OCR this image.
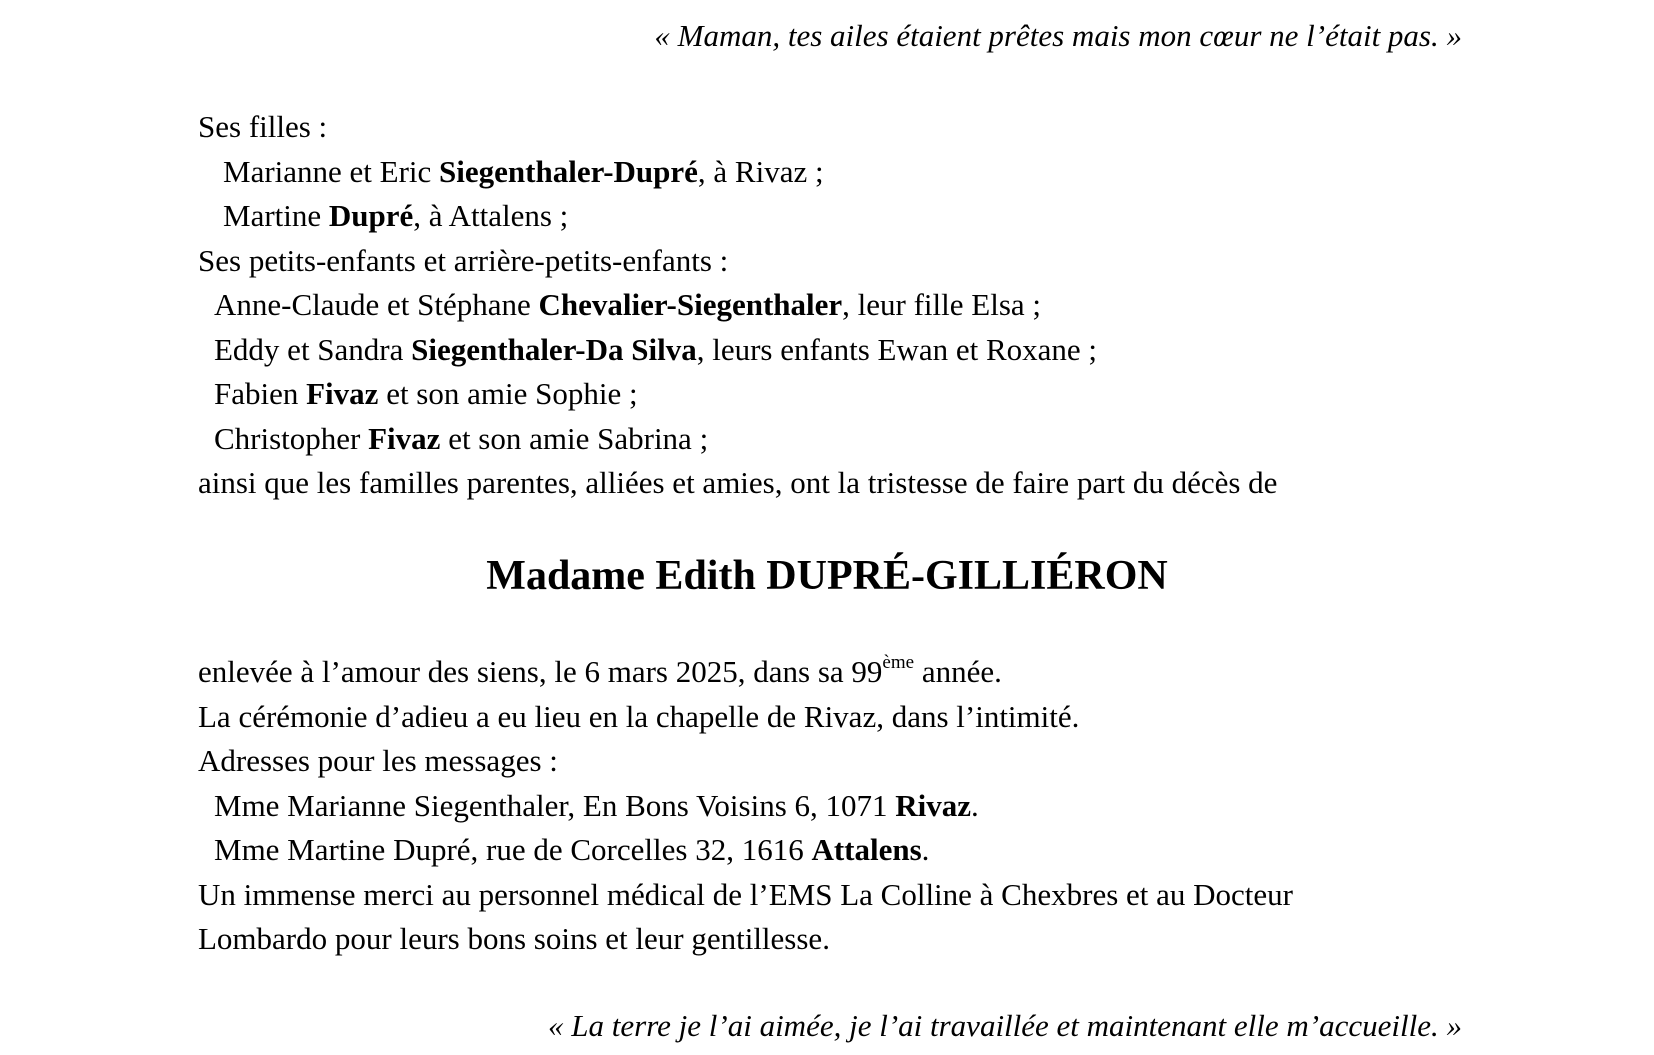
« Maman, tes ailes étaient prêtes mais mon cœur ne l’était pas. »
Ses filles :
Marianne et Eric Siegenthaler-Dupré, à Rivaz ;
Martine Dupré, à Attalens ;
Ses petits-enfants et arrière-petits-enfants :
Anne-Claude et Stéphane Chevalier-Siegenthaler, leur fille Elsa ;
Eddy et Sandra Siegenthaler-Da Silva, leurs enfants Ewan et Roxane ;
Fabien Fivaz et son amie Sophie ;
Christopher Fivaz et son amie Sabrina ;
ainsi que les familles parentes, alliées et amies, ont la tristesse de faire part du décès de
Madame Edith DUPRÉ-GILLIÉRON
enlevée à l’amour des siens, le 6 mars 2025, dans sa 99ème année.
La cérémonie d’adieu a eu lieu en la chapelle de Rivaz, dans l’intimité.
Adresses pour les messages :
Mme Marianne Siegenthaler, En Bons Voisins 6, 1071 Rivaz.
Mme Martine Dupré, rue de Corcelles 32, 1616 Attalens.
Un immense merci au personnel médical de l’EMS La Colline à Chexbres et au Docteur
Lombardo pour leurs bons soins et leur gentillesse.
« La terre je l’ai aimée, je l’ai travaillée et maintenant elle m’accueille. »
